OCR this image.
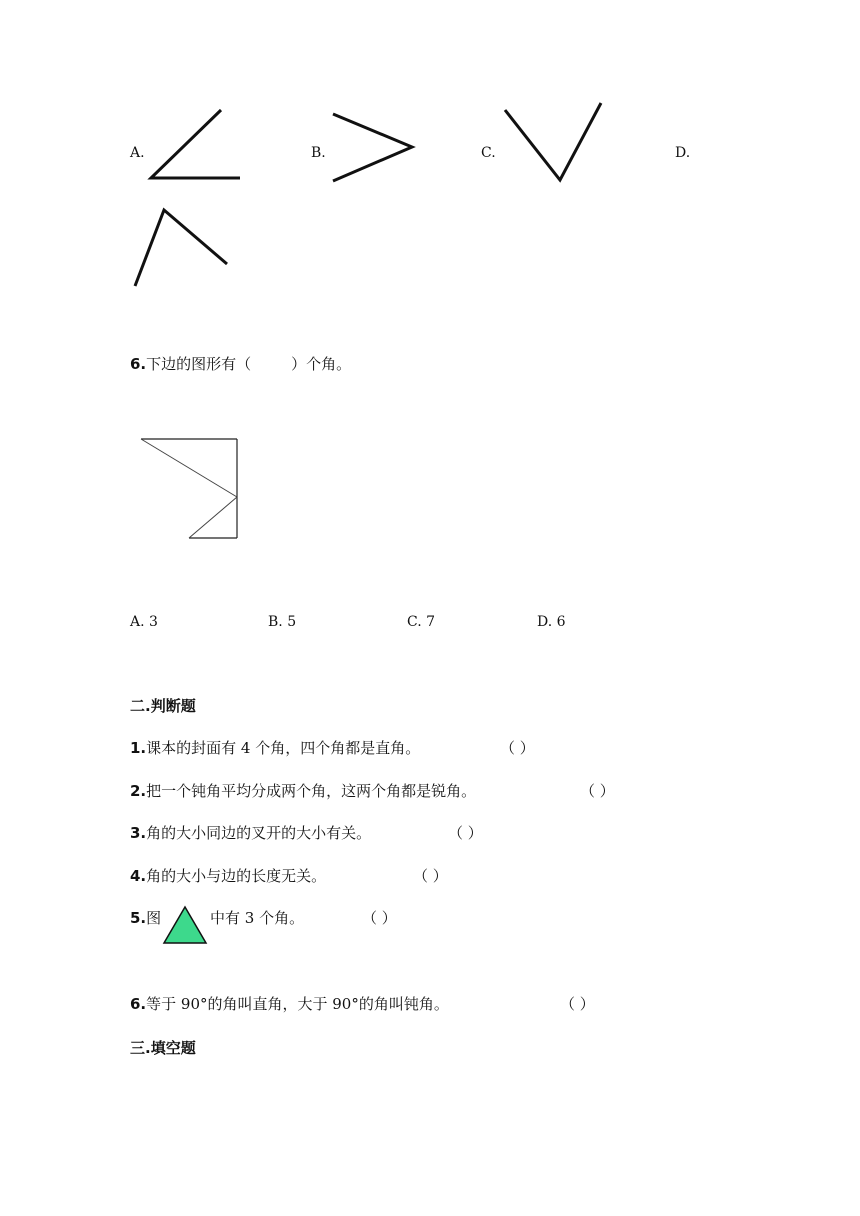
A.	B.	C.	D.
6.下边的图形有（	）个角。
A. 3	B. 5	C. 7	D. 6
二.判断题
1.课本的封面有 4 个角，四个角都是直角。	（ ）
2.把一个钝角平均分成两个角，这两个角都是锐角。	（ ）
3.角的大小同边的叉开的大小有关。	（ ）
4.角的大小与边的长度无关。	（ ）
5.图	中有 3 个角。	（ ）
6.等于 90°的角叫直角，大于 90°的角叫钝角。	（ ）
三.填空题
